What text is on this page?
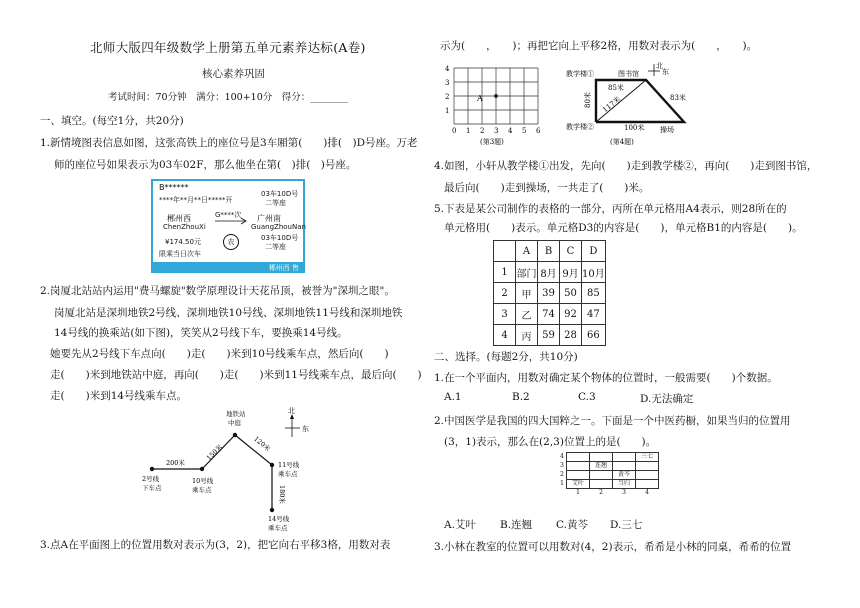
北师大版四年级数学上册第五单元素养达标(A卷)
核心素养巩固
考试时间：70分钟　满分：100+10分　得分：________
一、填空。(每空1分，共20分)
1.新情境图表信息如图，这张高铁上的座位号是3车厢第(　　)排(　)D号座。万老
师的座位号如果表示为03车02F，那么他坐在第(　)排(　)号座。
B******
****年**月**日*****开
03车10D号
二等座
郴州西	G****次 广州南
ChenZhouXi	GuangZhouNan
¥174.50元	农	03车10D号
二等座
限乘当日次车
郴州西 售
2.岗厦北站站内运用"费马螺旋"数学原理设计天花吊顶，被誉为"深圳之眼"。
岗厦北站是深圳地铁2号线、深圳地铁10号线、深圳地铁11号线和深圳地铁
14号线的换乘站(如下图)，笑笑从2号线下车，要换乘14号线。
她要先从2号线下车点向(　　)走(　　)米到10号线乘车点，然后向(　　)
走(　　)米到地铁站中庭，再向(　　)走(　　)米到11号线乘车点，最后向(　　)
走(　　)米到14号线乘车点。
北
东
地铁站
中庭
2号线
下车点
10号线
乘车点
11号线
乘车点
14号线
乘车点
200米
150米	120米
180米
3.点A在平面图上的位置用数对表示为(3，2)，把它向右平移3格，用数对表
示为(　　，　　)；再把它向上平移2格，用数对表示为(　　，　　)。
0 1 2 3 4 5 6
1
2
3
4
A
(第3题)
教学楼①	图书馆
教学楼②	操场
85米
117米
80米	83米
100米
北
东
(第4题)
4.如图，小轩从教学楼①出发，先向(　　)走到教学楼②，再向(　　)走到图书馆，
最后向(　　)走到操场，一共走了(　　)米。
5.下表是某公司制作的表格的一部分，丙所在单元格用A4表示，则28所在的
单元格用(　　)表示。单元格D3的内容是(　　)，单元格B1的内容是(　　)。
	A	B	C	D
1	部门	8月	9月	10月
2	甲	39	50	85
3	乙	74	92	47
4	丙	59	28	66
二、选择。(每题2分，共10分)
1.在一个平面内，用数对确定某个物体的位置时，一般需要(　　)个数据。
A.1	B.2	C.3	D.无法确定
2.中国医学是我国的四大国粹之一。下面是一个中医药橱，如果当归的位置用
(3，1)表示，那么在(2,3)位置上的是(　　)。
4				三七
3		连翘		
2			黄芩	
1	艾叶		当归	
	1	2	3	4
A.艾叶 B.连翘 C.黄芩 D.三七
3.小林在教室的位置可以用数对(4，2)表示，希希是小林的同桌，希希的位置
